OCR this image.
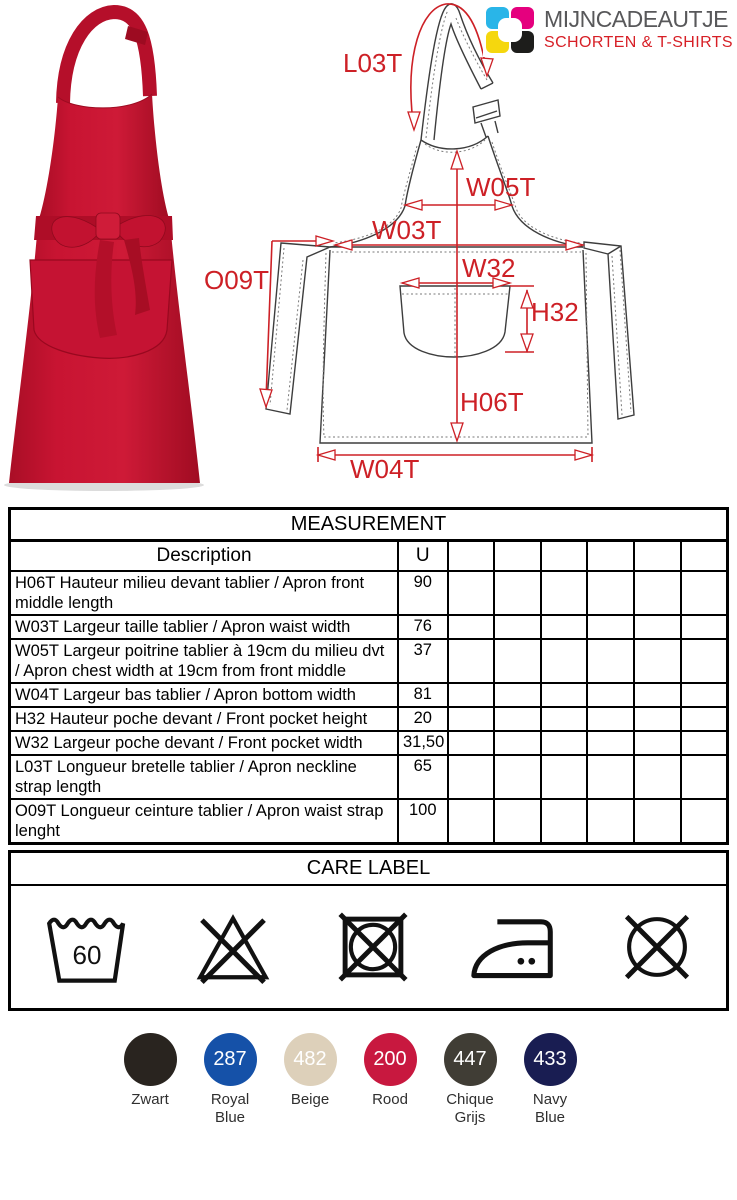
L03T
W05T
W03T
O09T	W32
H32
H06T
W04T
MIJNCADEAUTJE
SCHORTEN & T-SHIRTS
MEASUREMENT							
Description	U						
H06T Hauteur milieu devant tablier / Apron front middle length	90						
W03T Largeur taille tablier / Apron waist width	76						
W05T Largeur poitrine tablier à 19cm du milieu dvt / Apron chest width at 19cm from front middle	37						
W04T Largeur bas tablier / Apron bottom width	81						
H32 Hauteur poche devant / Front pocket height	20						
W32 Largeur poche devant / Front pocket width	31,50						
L03T Longueur bretelle tablier / Apron neckline strap length	65						
O09T Longueur ceinture tablier / Apron waist strap lenght	100						
CARE LABEL
60
Zwart
287
Royal Blue
482
Beige
200
Rood
447
Chique Grijs
433
Navy Blue
